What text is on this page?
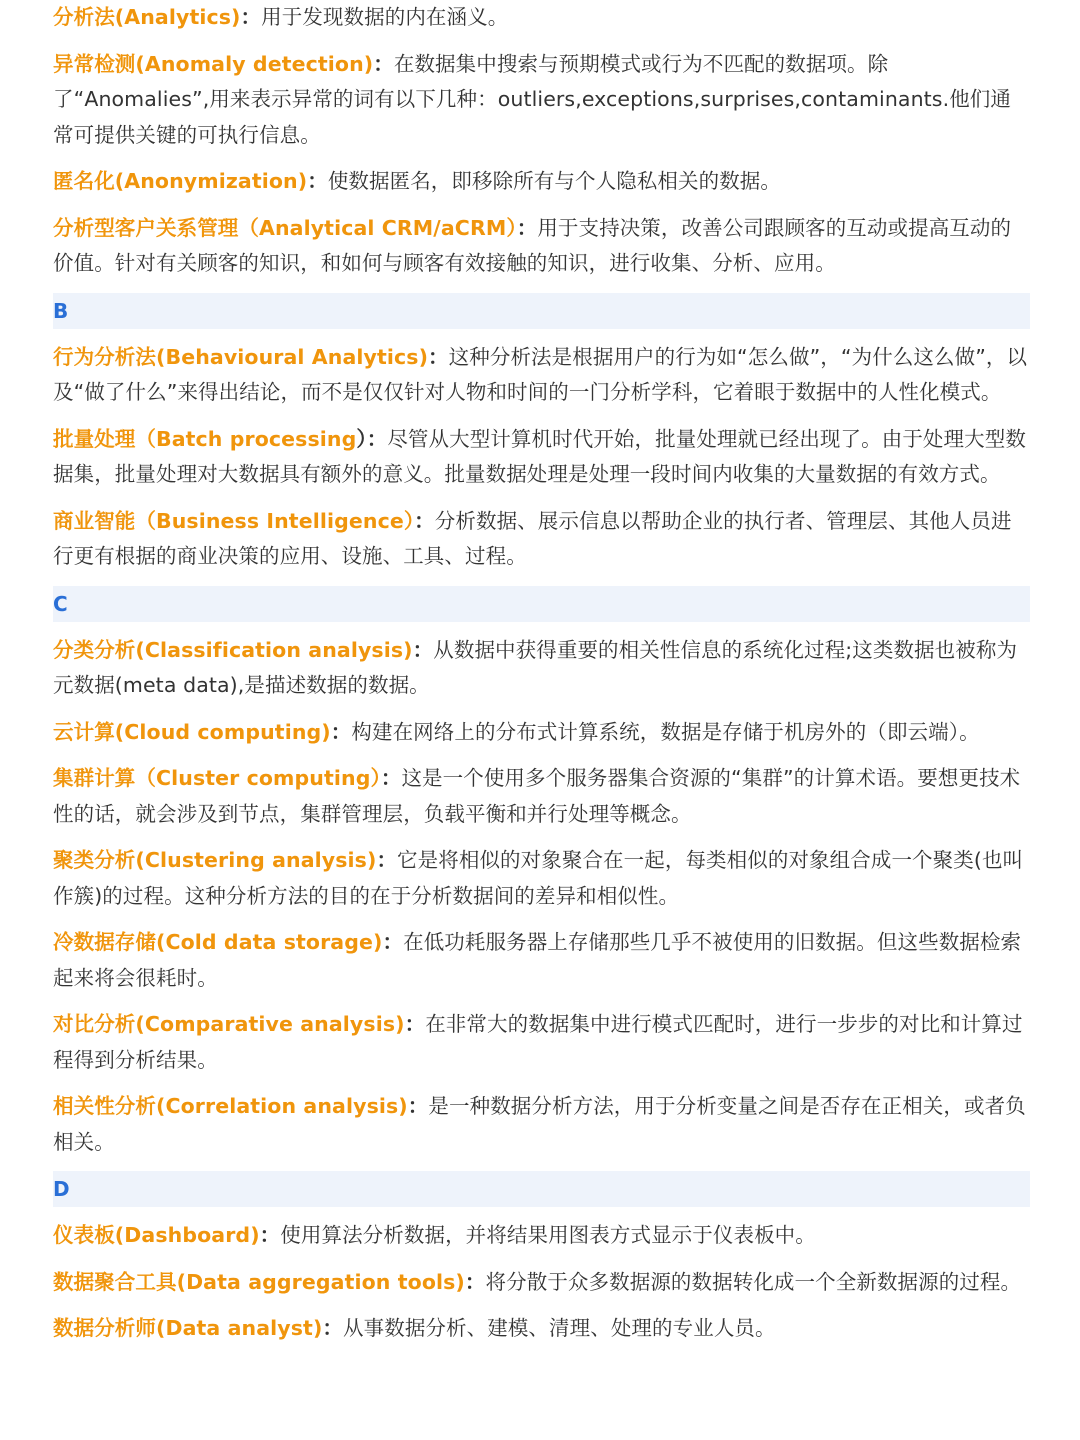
分析法(Analytics)：用于发现数据的内在涵义。
异常检测(Anomaly detection)：在数据集中搜索与预期模式或行为不匹配的数据项。除了“Anomalies”,用来表示异常的词有以下几种：outliers,exceptions,surprises,contaminants.他们通常可提供关键的可执行信息。
匿名化(Anonymization)：使数据匿名，即移除所有与个人隐私相关的数据。
分析型客户关系管理（Analytical CRM/aCRM）：用于支持决策，改善公司跟顾客的互动或提高互动的价值。针对有关顾客的知识，和如何与顾客有效接触的知识，进行收集、分析、应用。
B
行为分析法(Behavioural Analytics)：这种分析法是根据用户的行为如“怎么做”，“为什么这么做”，以及“做了什么”来得出结论，而不是仅仅针对人物和时间的一门分析学科，它着眼于数据中的人性化模式。
批量处理（Batch processing）：尽管从大型计算机时代开始，批量处理就已经出现了。由于处理大型数据集，批量处理对大数据具有额外的意义。批量数据处理是处理一段时间内收集的大量数据的有效方式。
商业智能（Business Intelligence）：分析数据、展示信息以帮助企业的执行者、管理层、其他人员进行更有根据的商业决策的应用、设施、工具、过程。
C
分类分析(Classification analysis)：从数据中获得重要的相关性信息的系统化过程;这类数据也被称为元数据(meta data),是描述数据的数据。
云计算(Cloud computing)：构建在网络上的分布式计算系统，数据是存储于机房外的（即云端）。
集群计算（Cluster computing）：这是一个使用多个服务器集合资源的“集群”的计算术语。要想更技术性的话，就会涉及到节点，集群管理层，负载平衡和并行处理等概念。
聚类分析(Clustering analysis)：它是将相似的对象聚合在一起，每类相似的对象组合成一个聚类(也叫作簇)的过程。这种分析方法的目的在于分析数据间的差异和相似性。
冷数据存储(Cold data storage)：在低功耗服务器上存储那些几乎不被使用的旧数据。但这些数据检索起来将会很耗时。
对比分析(Comparative analysis)：在非常大的数据集中进行模式匹配时，进行一步步的对比和计算过程得到分析结果。
相关性分析(Correlation analysis)：是一种数据分析方法，用于分析变量之间是否存在正相关，或者负相关。
D
仪表板(Dashboard)：使用算法分析数据，并将结果用图表方式显示于仪表板中。
数据聚合工具(Data aggregation tools)：将分散于众多数据源的数据转化成一个全新数据源的过程。
数据分析师(Data analyst)：从事数据分析、建模、清理、处理的专业人员。
